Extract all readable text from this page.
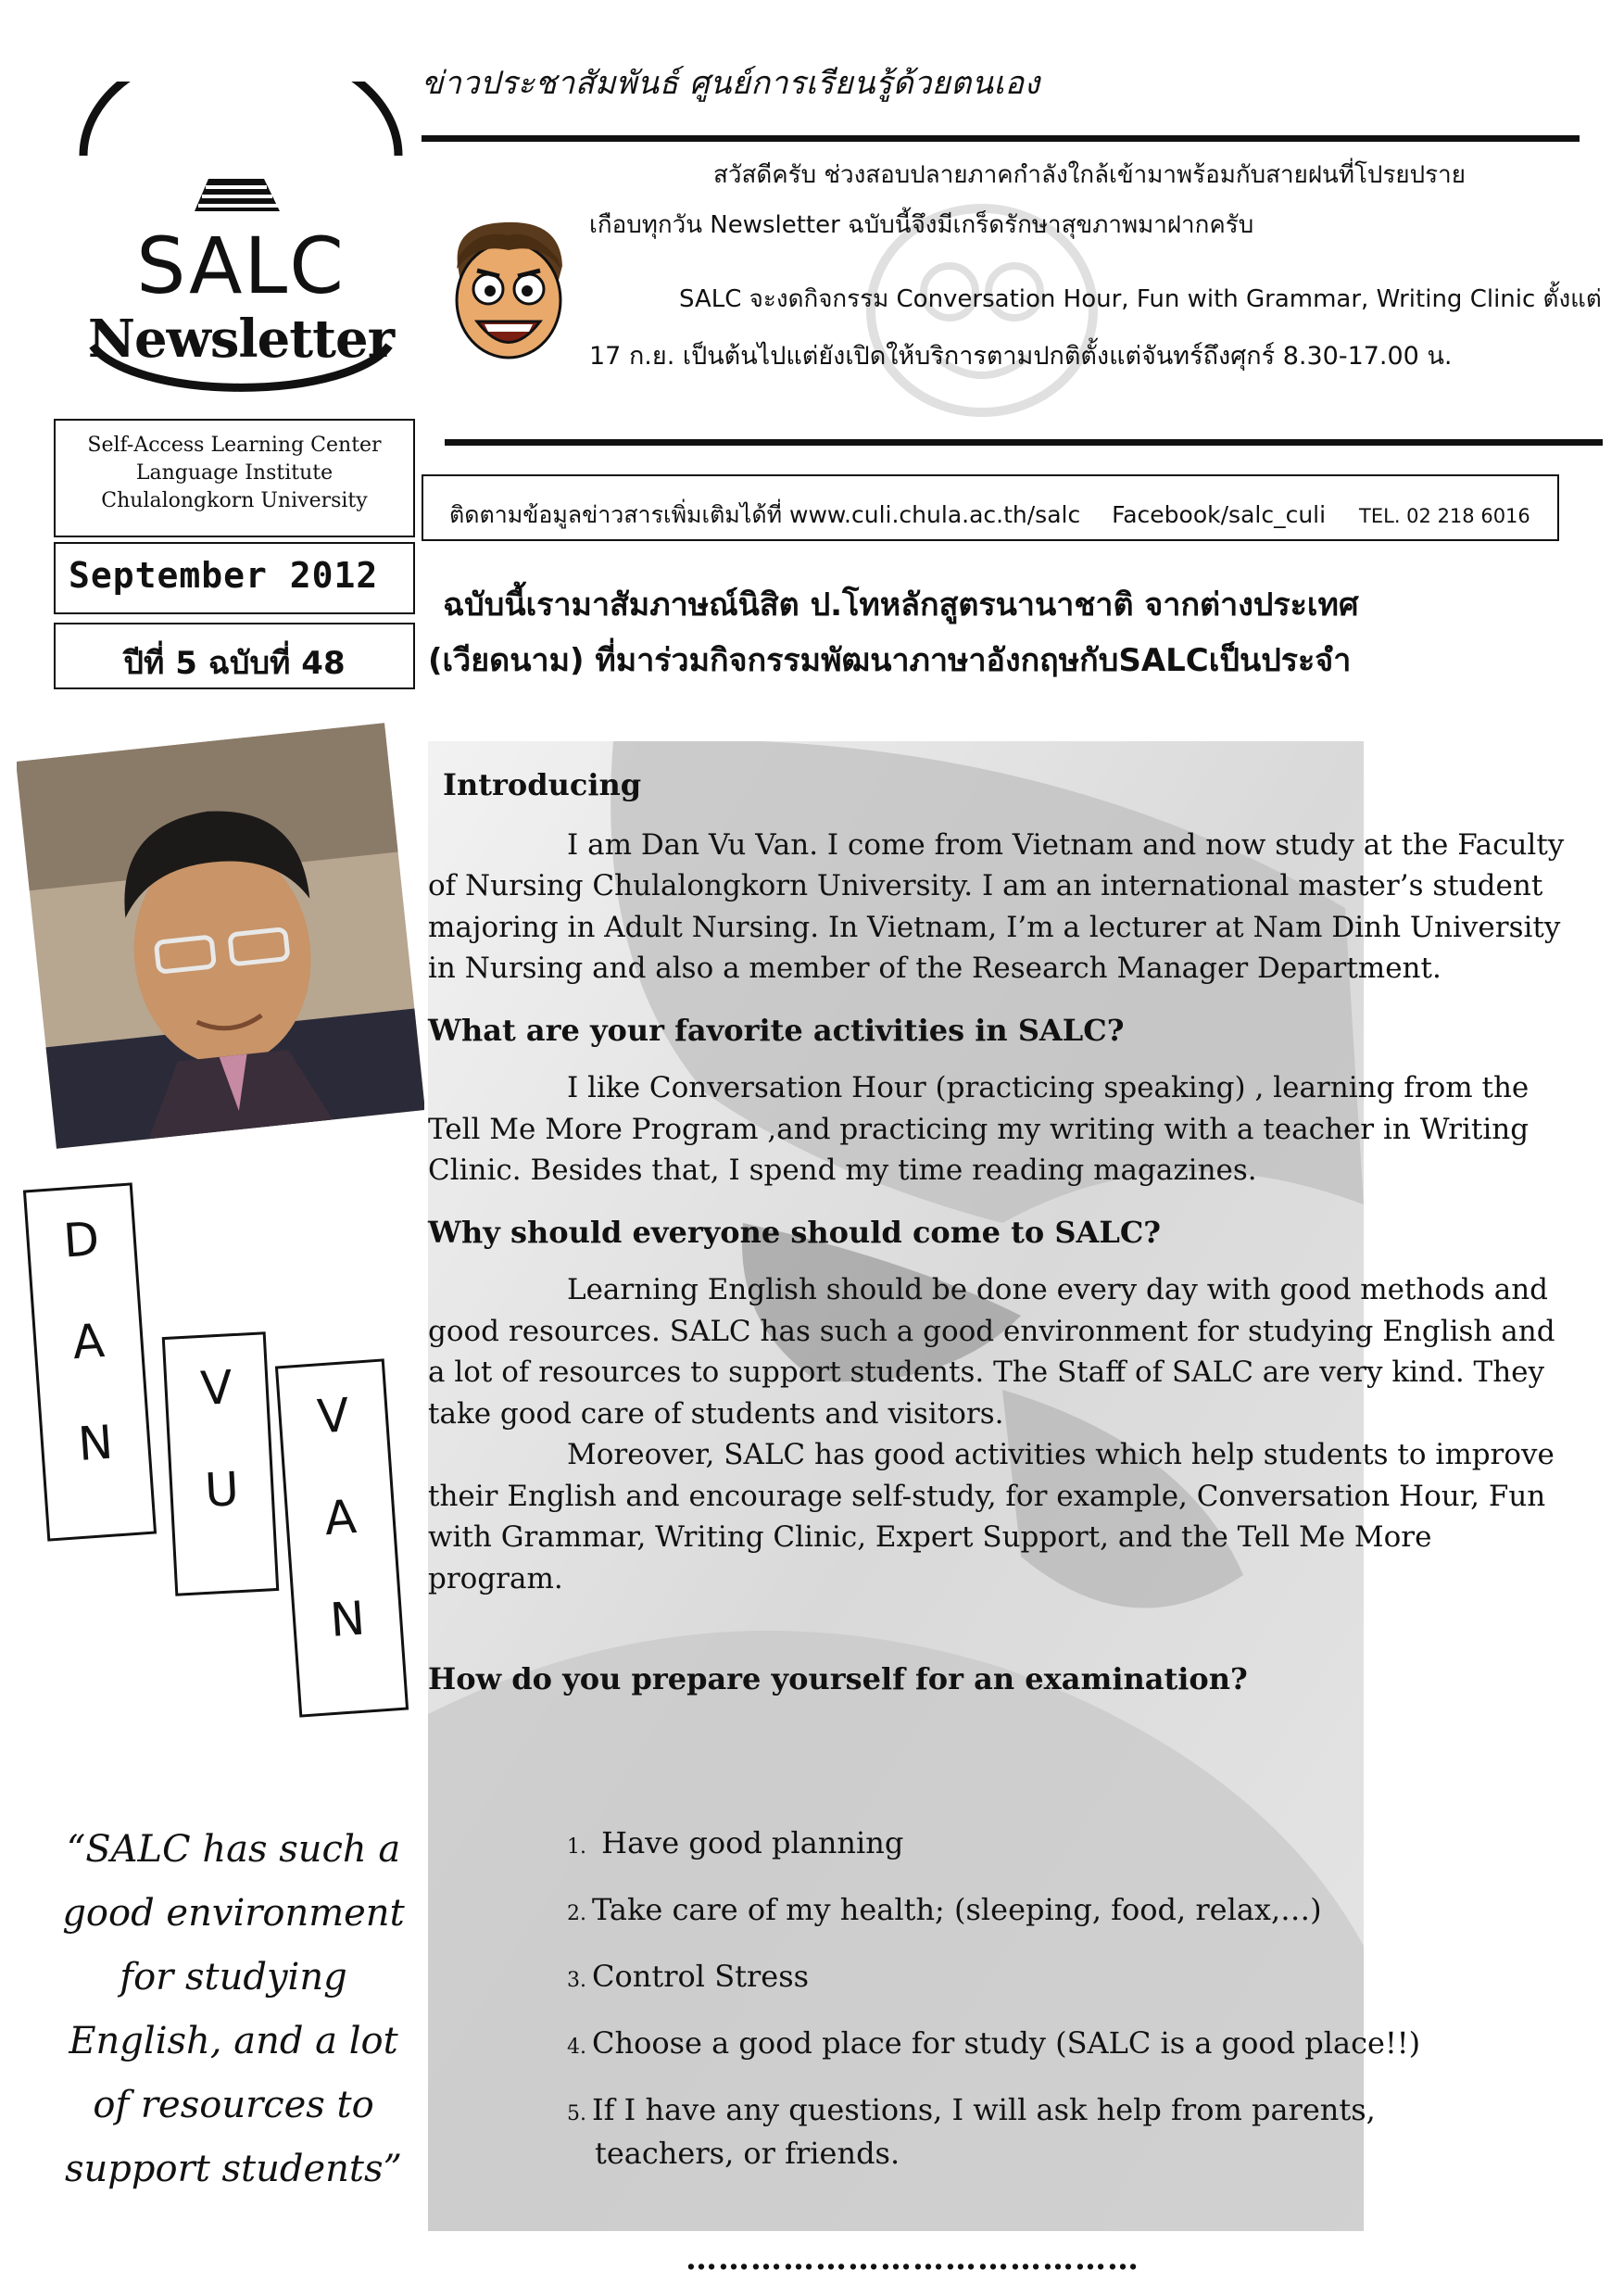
ข่าวประชาสัมพันธ์ ศูนย์การเรียนรู้ด้วยตนเอง
SALC
Newsletter
สวัสดีครับ ช่วงสอบปลายภาคกำลังใกล้เข้ามาพร้อมกับสายฝนที่โปรยปราย
เกือบทุกวัน Newsletter ฉบับนี้จึงมีเกร็ดรักษาสุขภาพมาฝากครับ
SALC จะงดกิจกรรม Conversation Hour, Fun with Grammar, Writing Clinic ตั้งแต่
17 ก.ย. เป็นต้นไปแต่ยังเปิดให้บริการตามปกติตั้งแต่จันทร์ถึงศุกร์ 8.30-17.00 น.
Self-Access Learning Center
Language Institute
Chulalongkorn University
ติดตามข้อมูลข่าวสารเพิ่มเติมได้ที่ www.culi.chula.ac.th/salc Facebook/salc_culi TEL. 02 218 6016
September 2012
ปีที่ 5 ฉบับที่ 48
ฉบับนี้เรามาสัมภาษณ์นิสิต ป.โทหลักสูตรนานาชาติ จากต่างประเทศ
(เวียดนาม) ที่มาร่วมกิจกรรมพัฒนาภาษาอังกฤษกับSALCเป็นประจำ
D
A
N
V
U
V
A
N
“SALC has such a
good environment
for studying
English, and a lot
of resources to
support students”

Introducing

I am Dan Vu Van. I come from Vietnam and now study at the Faculty of Nursing Chulalongkorn University. I am an international master’s student majoring in Adult Nursing. In Vietnam, I’m a lecturer at Nam Dinh University in Nursing and also a member of the Research Manager Department.

What are your favorite activities in SALC?

I like Conversation Hour (practicing speaking) , learning from the Tell Me More Program ,and practicing my writing with a teacher in Writing Clinic. Besides that, I spend my time reading magazines.

Why should everyone should come to SALC?

Learning English should be done every day with good methods and good resources. SALC has such a good environment for studying English and a lot of resources to support students. The Staff of SALC are very kind. They take good care of students and visitors.

Moreover, SALC has good activities which help students to improve their English and encourage self-study, for example, Conversation Hour, Fun with Grammar, Writing Clinic, Expert Support, and the Tell Me More program.

How do you prepare yourself for an examination?

1. Have good planning
2. Take care of my health; (sleeping, food, relax,…)
3. Control Stress
4. Choose a good place for study (SALC is a good place!!)
5. If I have any questions, I will ask help from parents,
teachers, or friends.
……………………………………
